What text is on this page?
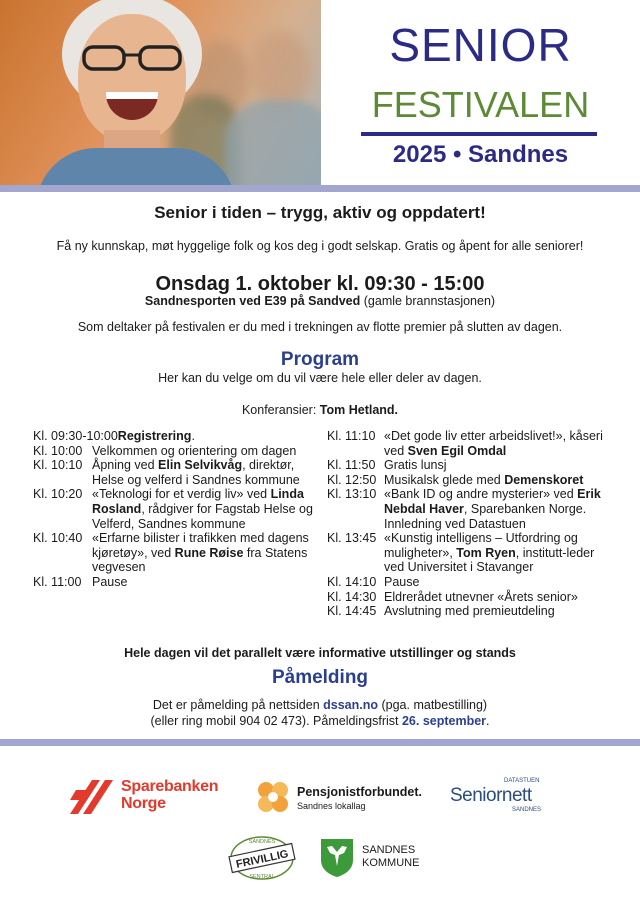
SENIOR
FESTIVALEN
2025 • Sandnes
Senior i tiden – trygg, aktiv og oppdatert!
Få ny kunnskap, møt hyggelige folk og kos deg i godt selskap. Gratis og åpent for alle seniorer!
Onsdag 1. oktober kl. 09:30 - 15:00
Sandnesporten ved E39 på Sandved (gamle brannstasjonen)
Som deltaker på festivalen er du med i trekningen av flotte premier på slutten av dagen.
Program
Her kan du velge om du vil være hele eller deler av dagen.
Konferansier: Tom Hetland.
Kl. 09:30-10:00 Registrering.
Kl. 10:00 Velkommen og orientering om dagen
Kl. 10:10 Åpning ved Elin Selvikvåg, direktør, Helse og velferd i Sandnes kommune
Kl. 10:20 «Teknologi for et verdig liv» ved Linda Rosland, rådgiver for Fagstab Helse og Velferd, Sandnes kommune
Kl. 10:40 «Erfarne bilister i trafikken med dagens kjøretøy», ved Rune Røise fra Statens vegvesen
Kl. 11:00 Pause
Kl. 11:10 «Det gode liv etter arbeidslivet!», kåseri ved Sven Egil Omdal
Kl. 11:50 Gratis lunsj
Kl. 12:50 Musikalsk glede med Demenskoret
Kl. 13:10 «Bank ID og andre mysterier» ved Erik Nebdal Haver, Sparebanken Norge. Innledning ved Datastuen
Kl. 13:45 «Kunstig intelligens – Utfordring og muligheter», Tom Ryen, institutt-leder ved Universitet i Stavanger
Kl. 14:10 Pause
Kl. 14:30 Eldrerådet utnevner «Årets senior»
Kl. 14:45 Avslutning med premieutdeling
Hele dagen vil det parallelt være informative utstillinger og stands
Påmelding
Det er påmelding på nettsiden dssan.no (pga. matbestilling)
(eller ring mobil 904 02 473). Påmeldingsfrist 26. september.
Sparebanken
Norge
Pensjonistforbundet.
Sandnes lokallag
DATASTUEN
Seniornett
SANDNES
FRIVILLIG
SANDNES
SENTRAL
SANDNES
KOMMUNE
